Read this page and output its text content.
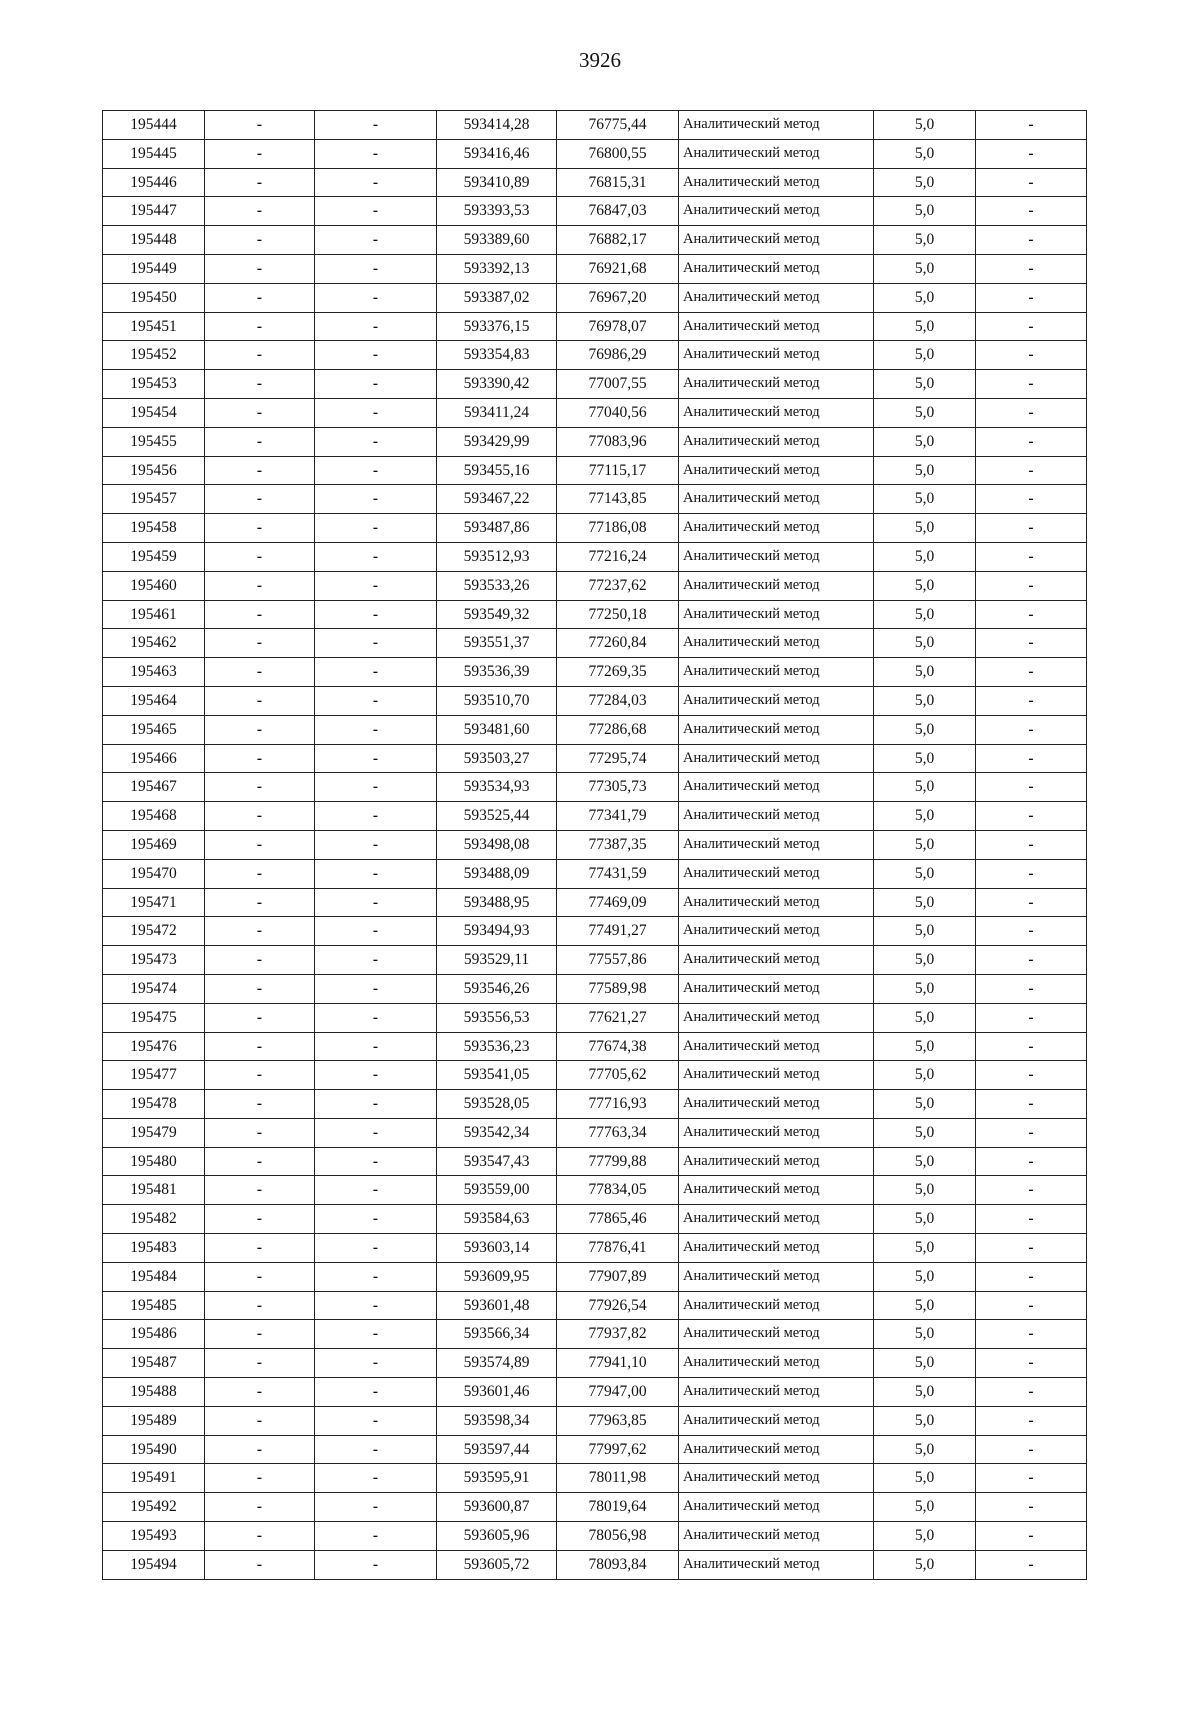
3926
195444	-	-	593414,28	76775,44	Аналитический метод	5,0	-
195445	-	-	593416,46	76800,55	Аналитический метод	5,0	-
195446	-	-	593410,89	76815,31	Аналитический метод	5,0	-
195447	-	-	593393,53	76847,03	Аналитический метод	5,0	-
195448	-	-	593389,60	76882,17	Аналитический метод	5,0	-
195449	-	-	593392,13	76921,68	Аналитический метод	5,0	-
195450	-	-	593387,02	76967,20	Аналитический метод	5,0	-
195451	-	-	593376,15	76978,07	Аналитический метод	5,0	-
195452	-	-	593354,83	76986,29	Аналитический метод	5,0	-
195453	-	-	593390,42	77007,55	Аналитический метод	5,0	-
195454	-	-	593411,24	77040,56	Аналитический метод	5,0	-
195455	-	-	593429,99	77083,96	Аналитический метод	5,0	-
195456	-	-	593455,16	77115,17	Аналитический метод	5,0	-
195457	-	-	593467,22	77143,85	Аналитический метод	5,0	-
195458	-	-	593487,86	77186,08	Аналитический метод	5,0	-
195459	-	-	593512,93	77216,24	Аналитический метод	5,0	-
195460	-	-	593533,26	77237,62	Аналитический метод	5,0	-
195461	-	-	593549,32	77250,18	Аналитический метод	5,0	-
195462	-	-	593551,37	77260,84	Аналитический метод	5,0	-
195463	-	-	593536,39	77269,35	Аналитический метод	5,0	-
195464	-	-	593510,70	77284,03	Аналитический метод	5,0	-
195465	-	-	593481,60	77286,68	Аналитический метод	5,0	-
195466	-	-	593503,27	77295,74	Аналитический метод	5,0	-
195467	-	-	593534,93	77305,73	Аналитический метод	5,0	-
195468	-	-	593525,44	77341,79	Аналитический метод	5,0	-
195469	-	-	593498,08	77387,35	Аналитический метод	5,0	-
195470	-	-	593488,09	77431,59	Аналитический метод	5,0	-
195471	-	-	593488,95	77469,09	Аналитический метод	5,0	-
195472	-	-	593494,93	77491,27	Аналитический метод	5,0	-
195473	-	-	593529,11	77557,86	Аналитический метод	5,0	-
195474	-	-	593546,26	77589,98	Аналитический метод	5,0	-
195475	-	-	593556,53	77621,27	Аналитический метод	5,0	-
195476	-	-	593536,23	77674,38	Аналитический метод	5,0	-
195477	-	-	593541,05	77705,62	Аналитический метод	5,0	-
195478	-	-	593528,05	77716,93	Аналитический метод	5,0	-
195479	-	-	593542,34	77763,34	Аналитический метод	5,0	-
195480	-	-	593547,43	77799,88	Аналитический метод	5,0	-
195481	-	-	593559,00	77834,05	Аналитический метод	5,0	-
195482	-	-	593584,63	77865,46	Аналитический метод	5,0	-
195483	-	-	593603,14	77876,41	Аналитический метод	5,0	-
195484	-	-	593609,95	77907,89	Аналитический метод	5,0	-
195485	-	-	593601,48	77926,54	Аналитический метод	5,0	-
195486	-	-	593566,34	77937,82	Аналитический метод	5,0	-
195487	-	-	593574,89	77941,10	Аналитический метод	5,0	-
195488	-	-	593601,46	77947,00	Аналитический метод	5,0	-
195489	-	-	593598,34	77963,85	Аналитический метод	5,0	-
195490	-	-	593597,44	77997,62	Аналитический метод	5,0	-
195491	-	-	593595,91	78011,98	Аналитический метод	5,0	-
195492	-	-	593600,87	78019,64	Аналитический метод	5,0	-
195493	-	-	593605,96	78056,98	Аналитический метод	5,0	-
195494	-	-	593605,72	78093,84	Аналитический метод	5,0	-
